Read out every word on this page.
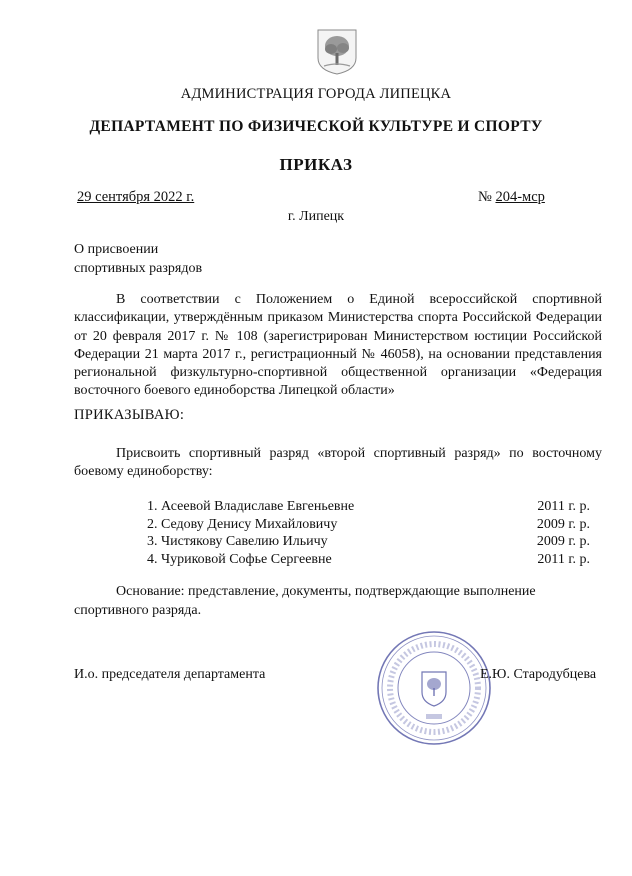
АДМИНИСТРАЦИЯ ГОРОДА ЛИПЕЦКА
ДЕПАРТАМЕНТ ПО ФИЗИЧЕСКОЙ КУЛЬТУРЕ И СПОРТУ
ПРИКАЗ
29 сентября 2022 г.	№ 204-мср
г. Липецк
О присвоении
спортивных разрядов
В соответствии с Положением о Единой всероссийской спортивной классификации, утверждённым приказом Министерства спорта Российской Федерации от 20 февраля 2017 г. № 108 (зарегистрирован Министерством юстиции Российской Федерации 21 марта 2017 г., регистрационный № 46058), на основании представления региональной физкультурно-спортивной общественной организации «Федерация восточного боевого единоборства Липецкой области»
ПРИКАЗЫВАЮ:
Присвоить спортивный разряд «второй спортивный разряд» по восточному боевому единоборству:
1. Асеевой Владиславе Евгеньевне	2011 г. р.
2. Седову Денису Михайловичу	2009 г. р.
3. Чистякову Савелию Ильичу	2009 г. р.
4. Чуриковой Софье Сергеевне	2011 г. р.
Основание: представление, документы, подтверждающие выполнение спортивного разряда.
И.о. председателя департамента	Е.Ю. Стародубцева
